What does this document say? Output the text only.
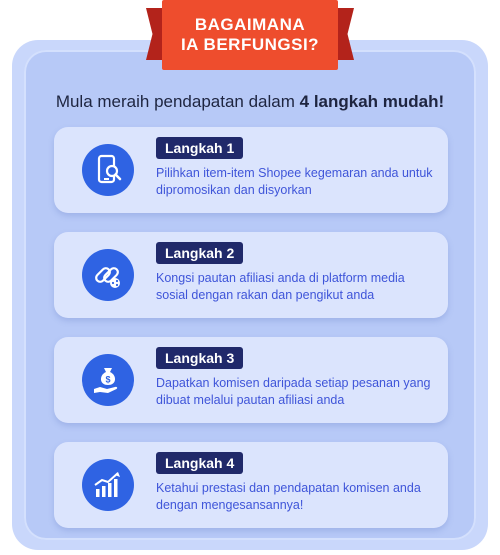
BAGAIMANA
IA BERFUNGSI?
Mula meraih pendapatan dalam 4 langkah mudah!
Langkah 1
Pilihkan item-item Shopee kegemaran anda untuk dipromosikan dan disyorkan
Langkah 2
Kongsi pautan afiliasi anda di platform media sosial dengan rakan dan pengikut anda
$
Langkah 3
Dapatkan komisen daripada setiap pesanan yang dibuat melalui pautan afiliasi anda
Langkah 4
Ketahui prestasi dan pendapatan komisen anda dengan mengesansannya!
